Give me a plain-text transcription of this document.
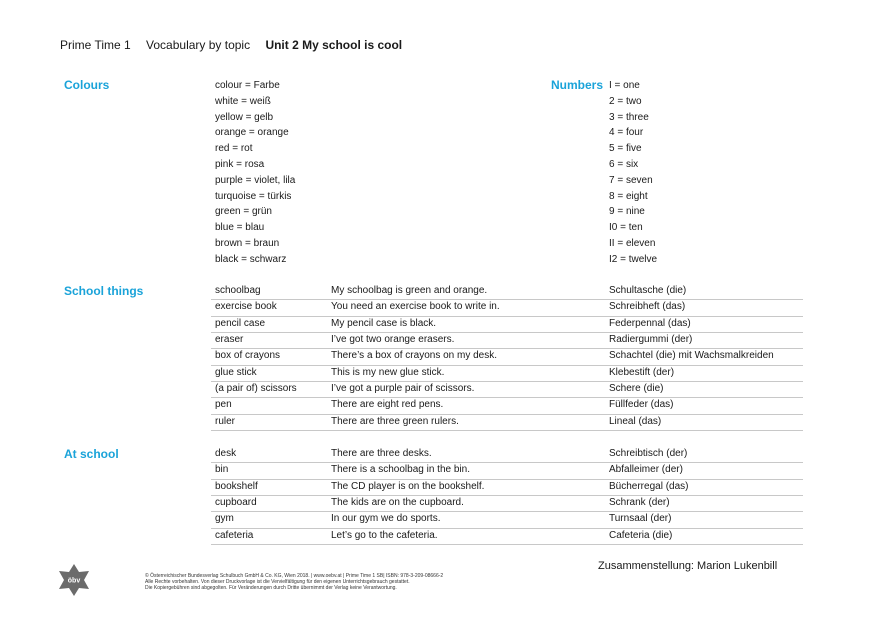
Prime Time 1 Vocabulary by topic Unit 2 My school is cool
Colours	colour = Farbe
white = weiß
yellow = gelb
orange = orange
red = rot
pink = rosa
purple = violet, lila
turquoise = türkis
green = grün
blue = blau
brown = braun
black = schwarz
Numbers I = one
2 = two
3 = three
4 = four
5 = five
6 = six
7 = seven
8 = eight
9 = nine
I0 = ten
II = eleven
I2 = twelve
School things	schoolbag	My schoolbag is green and orange.	Schultasche (die)
exercise book	You need an exercise book to write in.	Schreibheft (das)
pencil case	My pencil case is black.	Federpennal (das)
eraser	I’ve got two orange erasers.	Radiergummi (der)
box of crayons	There’s a box of crayons on my desk.	Schachtel (die) mit Wachsmalkreiden
glue stick	This is my new glue stick.	Klebestift (der)
(a pair of) scissors	I’ve got a purple pair of scissors.	Schere (die)
pen	There are eight red pens.	Füllfeder (das)
ruler	There are three green rulers.	Lineal (das)
At school	desk	There are three desks.	Schreibtisch (der)
bin	There is a schoolbag in the bin.	Abfalleimer (der)
bookshelf	The CD player is on the bookshelf.	Bücherregal (das)
cupboard	The kids are on the cupboard.	Schrank (der)
gym	In our gym we do sports.	Turnsaal (der)
cafeteria	Let’s go to the cafeteria.	Cafeteria (die)
Zusammenstellung: Marion Lukenbill
öbv
© Österreichischer Bundesverlag Schulbuch GmbH & Co. KG, Wien 2018. | www.oebv.at | Prime Time 1 SB| ISBN: 978-3-209-08666-2
Alle Rechte vorbehalten. Von dieser Druckvorlage ist die Vervielfältigung für den eigenen Unterrichtsgebrauch gestattet.
Die Kopiergebühren sind abgegolten. Für Veränderungen durch Dritte übernimmt der Verlag keine Verantwortung.
